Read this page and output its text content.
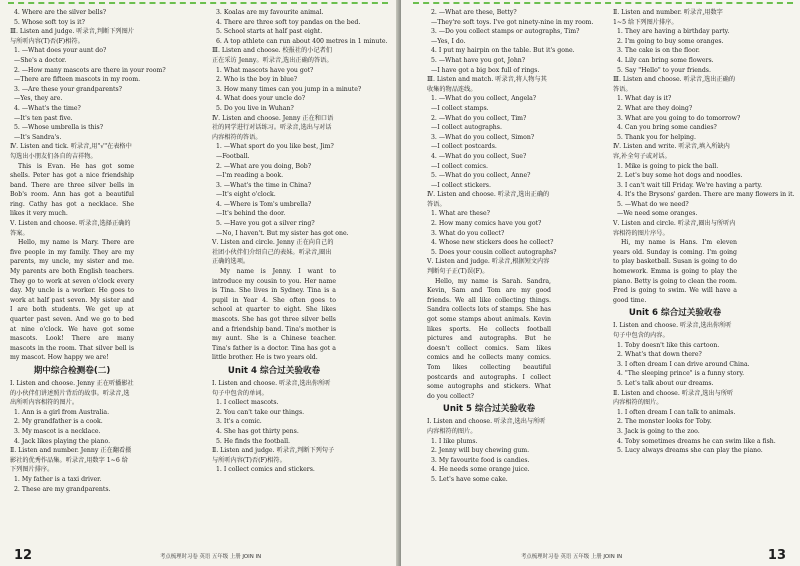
4. Where are the silver bells?

5. Whose soft toy is it?

Ⅲ. Listen and judge. 听录音,判断下列图片与所听内容(T)否(F)相符。

1. —What does your aunt do?

—She's a doctor.

2. —How many mascots are there in your room?

—There are fifteen mascots in my room.

3. —Are these your grandparents?

—Yes, they are.

4. —What's the time?

—It's ten past five.

5. —Whose umbrella is this?

—It's Sandra's.

Ⅳ. Listen and tick. 听录音,用"√"在表格中勾选出小朋友们各自的吉祥物。

This is Evan. He has got some shells. Peter has got a nice friendship band. There are three silver bells in Bob's room. Ann has got a beautiful ring. Cathy has got a necklace. She likes it very much.

Ⅴ. Listen and choose. 听录音,选择正确的答案。

Hello, my name is Mary. There are five people in my family. They are my parents, my uncle, my sister and me. My parents are both English teachers. They go to work at seven o'clock every day. My uncle is a worker. He goes to work at half past seven. My sister and I are both students. We get up at quarter past seven. And we go to bed at nine o'clock. We have got some mascots. Look! There are many mascots in the room. That silver bell is my mascot. How happy we are!

期中综合检测卷(二)

Ⅰ. Listen and choose. Jenny 正在听播影社的小伙伴们讲述照片背后的故事。听录音,选出所听内容相符的图片。

1. Ann is a girl from Australia.

2. My grandfather is a cook.

3. My mascot is a necklace.

4. Jack likes playing the piano.

Ⅱ. Listen and number. Jenny 正在翻看摄影社的优秀作品集。听录音,用数字 1~6 给下列图片排序。

1. My father is a taxi driver.

2. These are my grandparents.

3. Koalas are my favourite animal.

4. There are three soft toy pandas on the bed.

5. School starts at half past eight.

6. A top athlete can run about 400 metres in 1 minute.

Ⅲ. Listen and choose. 校报社的小记者们正在采访 Jenny。听录音,选出正确的答语。

1. What mascots have you got?

2. Who is the boy in blue?

3. How many times can you jump in a minute?

4. What does your uncle do?

5. Do you live in Wuhan?

Ⅳ. Listen and choose. Jenny 正在和口语社的同学进行对话练习。听录音,选出与对话内容相符的答语。

1. —What sport do you like best, Jim?

—Football.

2. —What are you doing, Bob?

—I'm reading a book.

3. —What's the time in China?

—It's eight o'clock.

4. —Where is Tom's umbrella?

—It's behind the door.

5. —Have you got a silver ring?

—No, I haven't. But my sister has got one.

Ⅴ. Listen and circle. Jenny 正在向自己的社团小伙伴们介绍自己的表妹。听录音,圈出正确的选项。

My name is Jenny. I want to introduce my cousin to you. Her name is Tina. She lives in Sydney. Tina is a pupil in Year 4. She often goes to school at quarter to eight. She likes mascots. She has got three silver bells and a friendship band. Tina's mother is my aunt. She is a Chinese teacher. Tina's father is a doctor. Tina has got a little brother. He is two years old.

Unit 4 综合过关验收卷

Ⅰ. Listen and choose. 听录音,选出你所听句子中包含的单词。

1. I collect mascots.

2. You can't take our things.

3. It's a comic.

4. She has got thirty pens.

5. He finds the football.

Ⅱ. Listen and judge. 听录音,判断下列句子与所听内容(T)否(F)相符。

1. I collect comics and stickers.

考点梳理时习卷 英语 五年级 上册 JOIN IN
12

2. —What are these, Betty?

—They're soft toys. I've got ninety-nine in my room.

3. —Do you collect stamps or autographs, Tim?

—Yes, I do.

4. I put my hairpin on the table. But it's gone.

5. —What have you got, John?

—I have got a big box full of rings.

Ⅲ. Listen and match. 听录音,将人物与其收集的物品连线。

1. —What do you collect, Angela?

—I collect stamps.

2. —What do you collect, Tim?

—I collect autographs.

3. —What do you collect, Simon?

—I collect postcards.

4. —What do you collect, Sue?

—I collect comics.

5. —What do you collect, Anne?

—I collect stickers.

Ⅳ. Listen and choose. 听录音,选出正确的答语。

1. What are these?

2. How many comics have you got?

3. What do you collect?

4. Whose new stickers does he collect?

5. Does your cousin collect autographs?

Ⅴ. Listen and judge. 听录音,根据短文内容判断句子正(T)误(F)。

Hello, my name is Sarah. Sandra, Kevin, Sam and Tom are my good friends. We all like collecting things. Sandra collects lots of stamps. She has got some stamps about animals. Kevin likes sports. He collects football pictures and autographs. But he doesn't collect comics. Sam likes comics and he collects many comics. Tom likes collecting beautiful postcards and autographs. I collect some autographs and stickers. What do you collect?

Unit 5 综合过关验收卷

Ⅰ. Listen and choose. 听录音,选出与所听内容相符的图片。

1. I like plums.

2. Jenny will buy chewing gum.

3. My favourite food is candies.

4. He needs some orange juice.

5. Let's have some cake.

Ⅱ. Listen and number. 听录音,用数字 1~5 给下列图片排序。

1. They are having a birthday party.

2. I'm going to buy some oranges.

3. The cake is on the floor.

4. Lily can bring some flowers.

5. Say "Hello" to your friends.

Ⅲ. Listen and choose. 听录音,选出正确的答语。

1. What day is it?

2. What are they doing?

3. What are you going to do tomorrow?

4. Can you bring some candies?

5. Thank you for helping.

Ⅳ. Listen and write. 听录音,填入所缺内容,补全句子或对话。

1. Mike is going to pick the ball.

2. Let's buy some hot dogs and noodles.

3. I can't wait till Friday. We're having a party.

4. It's the Brysons' garden. There are many flowers in it.

5. —What do we need?

—We need some oranges.

Ⅴ. Listen and circle. 听录音,圈出与所听内容相符的图片序号。

Hi, my name is Hans. I'm eleven years old. Sunday is coming. I'm going to play basketball. Susan is going to do homework. Emma is going to play the piano. Betty is going to clean the room. Fred is going to swim. We will have a good time.

Unit 6 综合过关验收卷

Ⅰ. Listen and choose. 听录音,选出你所听句子中包含的内容。

1. Toby doesn't like this cartoon.

2. What's that down there?

3. I often dream I can drive around China.

4. "The sleeping prince" is a funny story.

5. Let's talk about our dreams.

Ⅱ. Listen and choose. 听录音,选出与所听内容相符的图片。

1. I often dream I can talk to animals.

2. The monster looks for Toby.

3. Jack is going to the zoo.

4. Toby sometimes dreams he can swim like a fish.

5. Lucy always dreams she can play the piano.

考点梳理时习卷 英语 五年级 上册 JOIN IN	13
